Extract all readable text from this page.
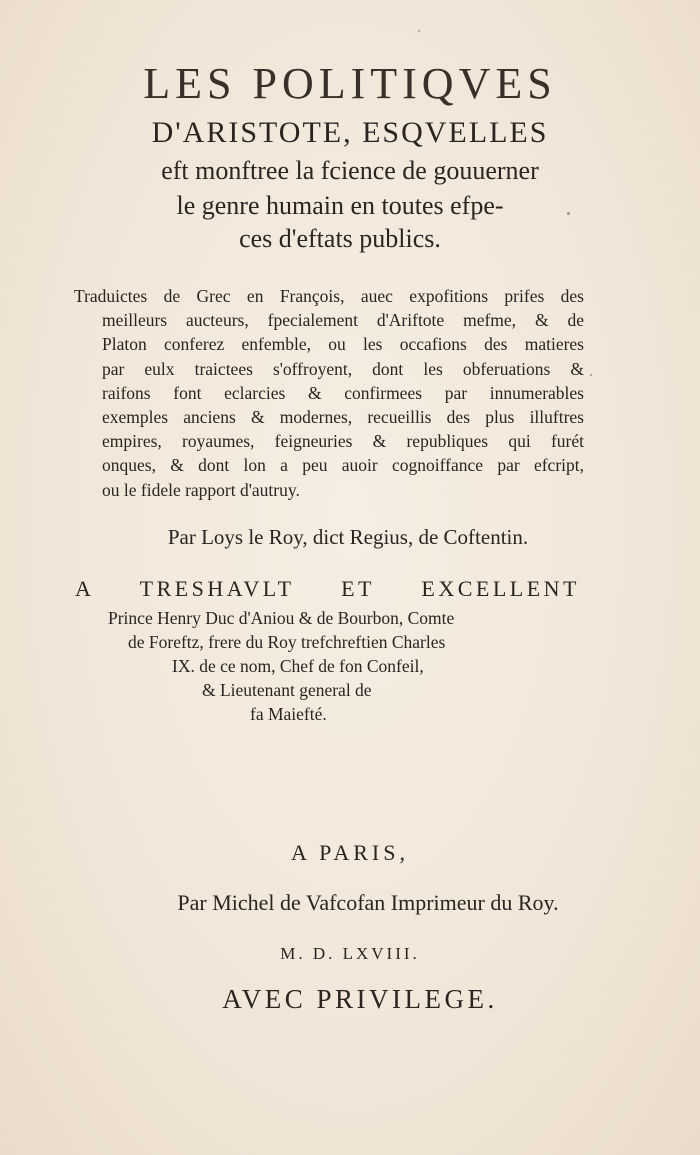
LES POLITIQVES

D'ARISTOTE, ESQVELLES

eft monftree la fcience de gouuerner

le genre humain en toutes efpe-

ces d'eftats publics.

Traduictes de Grec en François, auec expofitions prifes des

meilleurs aucteurs, fpecialement d'Ariftote mefme, & de

Platon conferez enfemble, ou les occafions des matieres

par eulx traictees s'offroyent, dont les obferuations &

raifons font eclarcies & confirmees par innumerables

exemples anciens & modernes, recueillis des plus illuftres

empires, royaumes, feigneuries & republiques qui furét

onques, & dont lon a peu auoir cognoiffance par efcript,

ou le fidele rapport d'autruy.

Par Loys le Roy, dict Regius, de Coftentin.

A TRESHAVLT ET EXCELLENT

Prince Henry Duc d'Aniou & de Bourbon, Comte

de Foreftz, frere du Roy trefchreftien Charles

IX. de ce nom, Chef de fon Confeil,

& Lieutenant general de

fa Maiefté.

A PARIS,

Par Michel de Vafcofan Imprimeur du Roy.

M. D. LXVIII.

AVEC PRIVILEGE.
